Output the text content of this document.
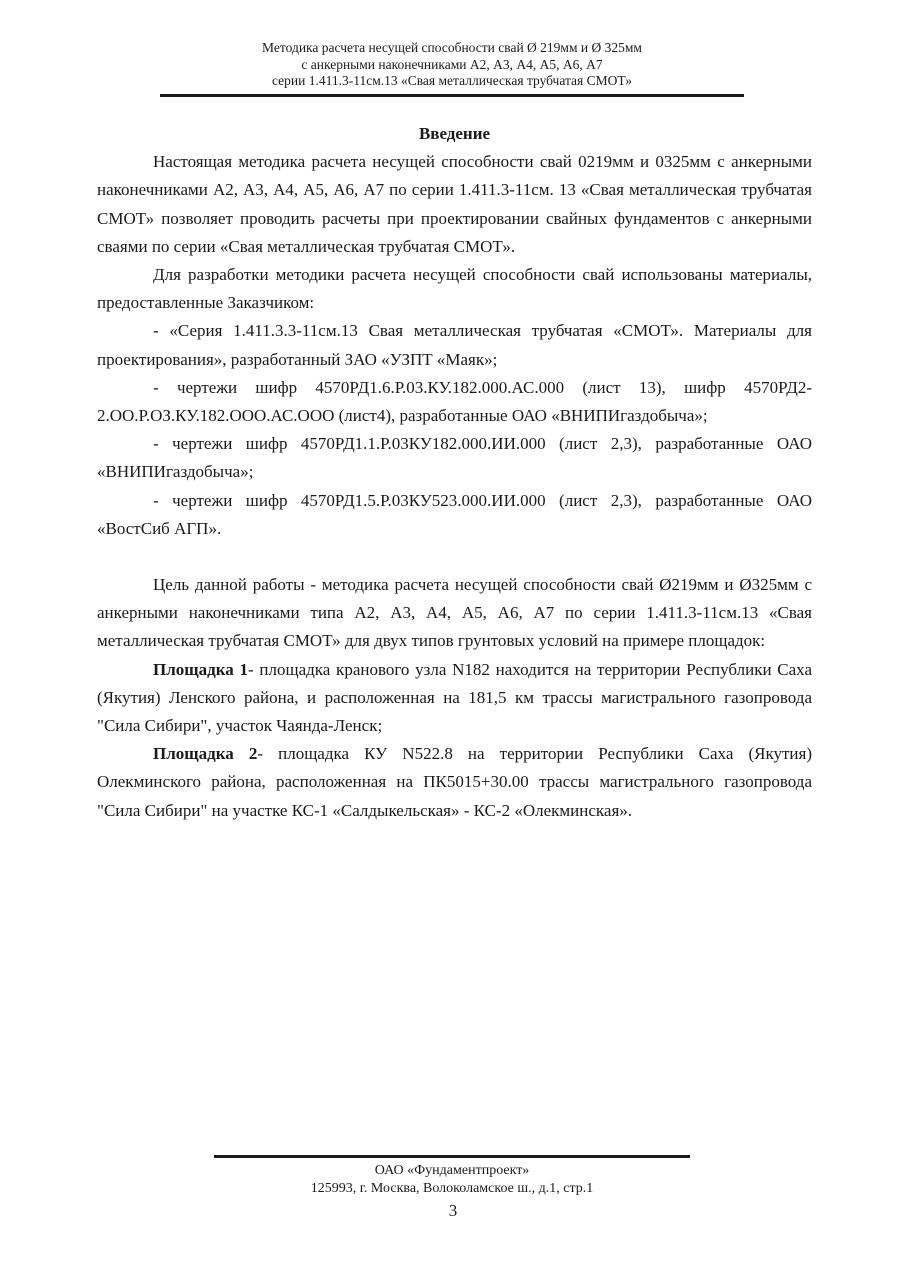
Методика расчета несущей способности свай Ø 219мм и Ø 325мм
с анкерными наконечниками А2, А3, А4, А5, А6, А7
серии 1.411.3-11см.13 «Свая металлическая трубчатая СМОТ»

Введение

Настоящая методика расчета несущей способности свай 0219мм и 0325мм с анкерными наконечниками А2, А3, А4, А5, А6, А7 по серии 1.411.3-11см. 13 «Свая металлическая трубчатая СМОТ» позволяет проводить расчеты при проектировании свайных фундаментов с анкерными сваями по серии «Свая металлическая трубчатая СМОТ».

Для разработки методики расчета несущей способности свай использованы материалы, предоставленные Заказчиком:

- «Серия 1.411.3.3-11см.13 Свая металлическая трубчатая «СМОТ». Материалы для проектирования», разработанный ЗАО «УЗПТ «Маяк»;

- чертежи шифр 4570РД1.6.Р.03.КУ.182.000.АС.000 (лист 13), шифр 4570РД2-2.ОО.Р.ОЗ.КУ.182.ООО.АС.ООО (лист4), разработанные ОАО «ВНИПИгаздобыча»;

- чертежи шифр 4570РД1.1.Р.03КУ182.000.ИИ.000 (лист 2,3), разработанные ОАО «ВНИПИгаздобыча»;

- чертежи шифр 4570РД1.5.Р.03КУ523.000.ИИ.000 (лист 2,3), разработанные ОАО «ВостСиб АГП».

Цель данной работы - методика расчета несущей способности свай Ø219мм и Ø325мм с анкерными наконечниками типа А2, А3, А4, А5, А6, А7 по серии 1.411.3-11см.13 «Свая металлическая трубчатая СМОТ» для двух типов грунтовых условий на примере площадок:

Площадка 1- площадка кранового узла N182 находится на территории Республики Саха (Якутия) Ленского района, и расположенная на 181,5 км трассы магистрального газопровода "Сила Сибири", участок Чаянда-Ленск;

Площадка 2- площадка КУ N522.8 на территории Республики Саха (Якутия) Олекминского района, расположенная на ПК5015+30.00 трассы магистрального газопровода "Сила Сибири" на участке КС-1 «Салдыкельская» - КС-2 «Олекминская».

ОАО «Фундаментпроект»
125993, г. Москва, Волоколамское ш., д.1, стр.1
3
